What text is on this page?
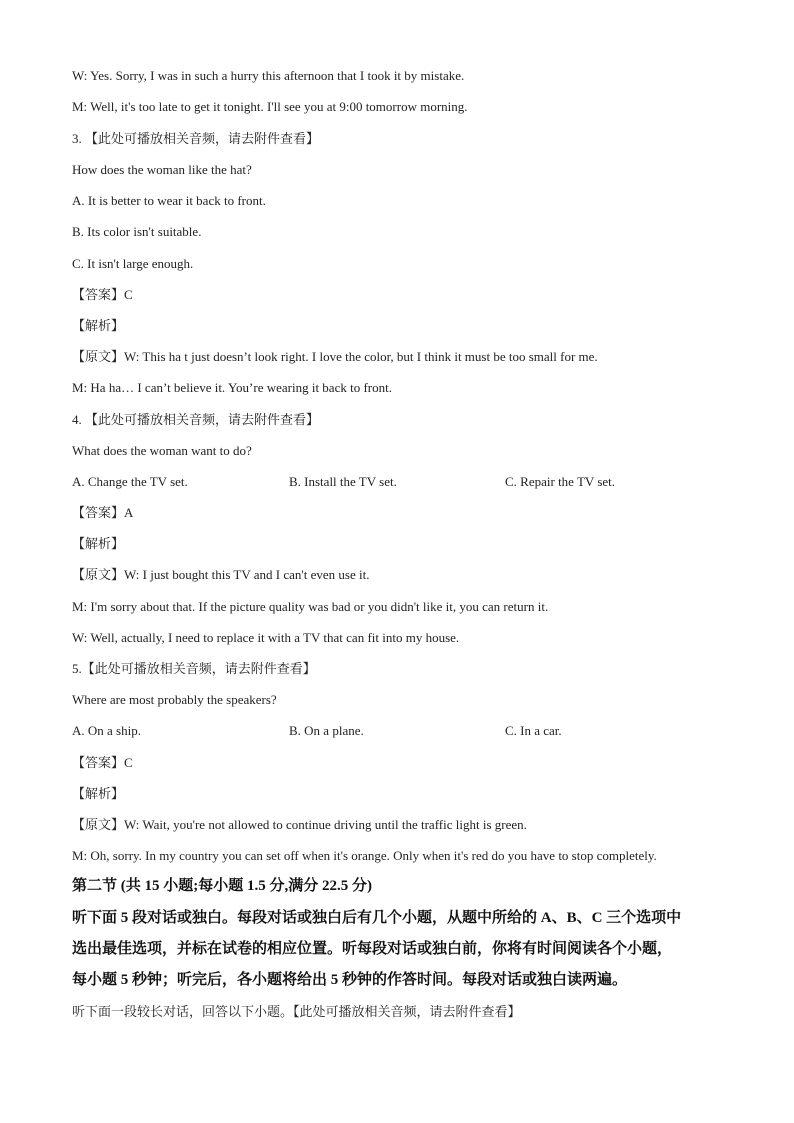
W: Yes. Sorry, I was in such a hurry this afternoon that I took it by mistake.
M: Well, it's too late to get it tonight. I'll see you at 9:00 tomorrow morning.
3. 【此处可播放相关音频，请去附件查看】
How does the woman like the hat?
A. It is better to wear it back to front.
B. Its color isn't suitable.
C. It isn't large enough.
【答案】C
【解析】
【原文】W: This ha t just doesn’t look right. I love the color, but I think it must be too small for me.
M: Ha ha… I can’t believe it. You’re wearing it back to front.
4. 【此处可播放相关音频，请去附件查看】
What does the woman want to do?
A. Change the TV set.	B. Install the TV set.	C. Repair the TV set.
【答案】A
【解析】
【原文】W: I just bought this TV and I can't even use it.
M: I'm sorry about that. If the picture quality was bad or you didn't like it, you can return it.
W: Well, actually, I need to replace it with a TV that can fit into my house.
5.【此处可播放相关音频，请去附件查看】
Where are most probably the speakers?
A. On a ship.	B. On a plane.	C. In a car.
【答案】C
【解析】
【原文】W: Wait, you're not allowed to continue driving until the traffic light is green.
M: Oh, sorry. In my country you can set off when it's orange. Only when it's red do you have to stop completely.
第二节 (共 15 小题;每小题 1.5 分,满分 22.5 分)
听下面 5 段对话或独白。每段对话或独白后有几个小题，从题中所给的 A、B、C 三个选项中
选出最佳选项，并标在试卷的相应位置。听每段对话或独白前，你将有时间阅读各个小题，
每小题 5 秒钟；听完后，各小题将给出 5 秒钟的作答时间。每段对话或独白读两遍。
听下面一段较长对话，回答以下小题。【此处可播放相关音频，请去附件查看】
